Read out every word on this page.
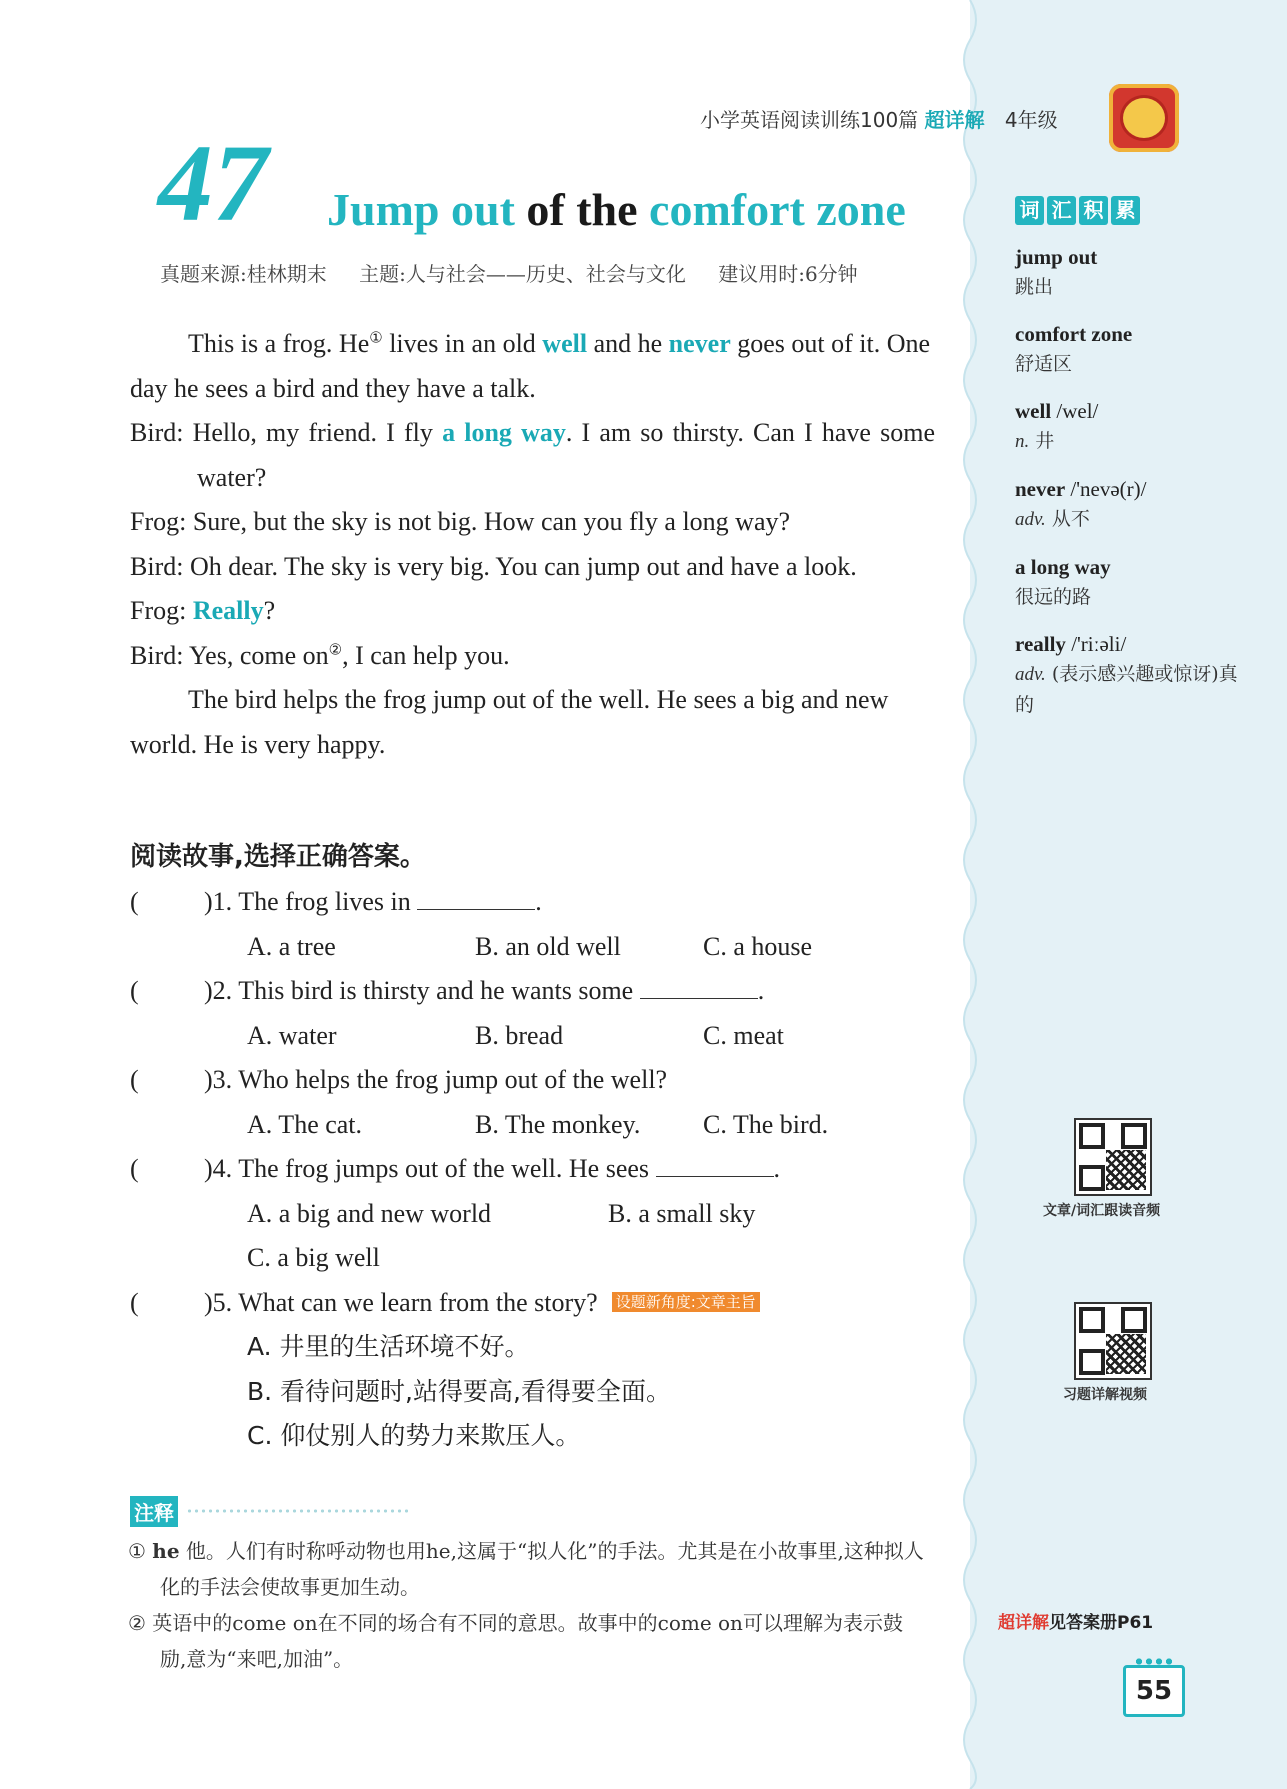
小学英语阅读训练100篇 超详解 4年级
47 Jump out of the comfort zone
真题来源:桂林期末 主题:人与社会——历史、社会与文化 建议用时:6分钟

This is a frog. He① lives in an old well and he never goes out of it. One day he sees a bird and they have a talk.

Bird: Hello, my friend. I fly a long way. I am so thirsty. Can I have some water?

Frog: Sure, but the sky is not big. How can you fly a long way?

Bird: Oh dear. The sky is very big. You can jump out and have a look.

Frog: Really?

Bird: Yes, come on②, I can help you.

The bird helps the frog jump out of the well. He sees a big and new world. He is very happy.

阅读故事,选择正确答案。

(	)1. The frog lives in	.

A. a tree	B. an old well	C. a house

(	)2. This bird is thirsty and he wants some	.

A. water	B. bread	C. meat

(	)3. Who helps the frog jump out of the well?

A. The cat.	B. The monkey. C. The bird.

(	)4. The frog jumps out of the well. He sees	.

A. a big and new world	B. a small sky

C. a big well

(	)5. What can we learn from the story? 设题新角度:文章主旨

A. 井里的生活环境不好。

B. 看待问题时,站得要高,看得要全面。

C. 仰仗别人的势力来欺压人。

注释

① he 他。人们有时称呼动物也用he,这属于“拟人化”的手法。尤其是在小故事里,这种拟人化的手法会使故事更加生动。

② 英语中的come on在不同的场合有不同的意思。故事中的come on可以理解为表示鼓励,意为“来吧,加油”。

词 汇 积 累
jump out
跳出
comfort zone
舒适区
well /wel/
n. 井
never /'nevə(r)/
adv. 从不
a long way
很远的路
really /'riːəli/
adv. (表示感兴趣或惊讶)真的
文章/词汇跟读音频
习题详解视频
超详解见答案册P61
55
